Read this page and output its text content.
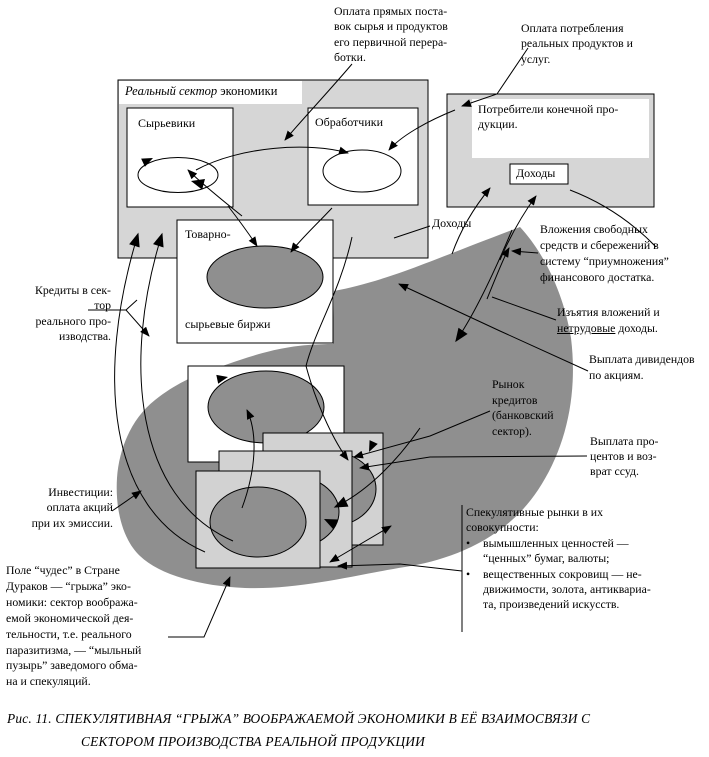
Оплата прямых поста-
вок сырья и продуктов
его первичной перера-
ботки.
Оплата потребления
реальных продуктов и
услуг.
Реальный сектор экономики
Сырьевики	Обработчики
Потребители конечной про-
дукции.
Доходы
Доходы
Товарно-
сырьевые биржи
Кредиты в сек-
тор
реального про-
изводства.
Инвестиции:
оплата акций
при их эмиссии.
Поле “чудес” в Стране
Дураков — “грыжа” эко-
номики: сектор вообража-
емой экономической дея-
тельности, т.е. реального
паразитизма, — “мыльный
пузырь” заведомого обма-
на и спекуляций.
Вложения свободных
средств и сбережений в
систему “приумножения”
финансового достатка.
Изъятия вложений и
нетрудовые доходы.
Выплата дивидендов
по акциям.
Рынок
кредитов
(банковский
сектор).
Выплата про-
центов и воз-
врат ссуд.
Спекулятивные рынки в их
совокупности:
•	вымышленных ценностей —
“ценных” бумаг, валюты;
•	вещественных сокровищ — не-
движимости, золота, антиквариа-
та, произведений искусств.
Рис. 11. СПЕКУЛЯТИВНАЯ “ГРЫЖА” ВООБРАЖАЕМОЙ ЭКОНОМИКИ В ЕЁ ВЗАИМОСВЯЗИ С
СЕКТОРОМ ПРОИЗВОДСТВА РЕАЛЬНОЙ ПРОДУКЦИИ
